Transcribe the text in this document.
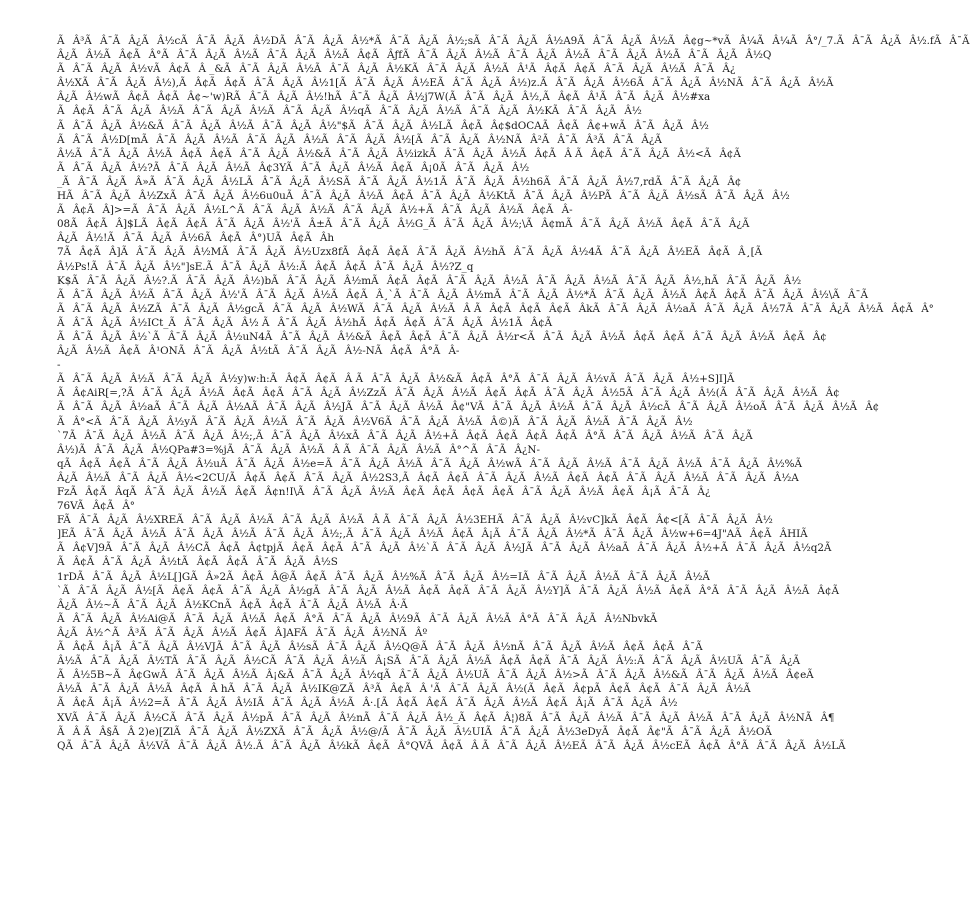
ÃÂ³ÃÂ¯ÃÂ¿ÃÂ½cÃÂ¯ÃÂ¿ÃÂ½DÃÂ¯ÃÂ¿ÃÂ½*ÃÂ¯ÃÂ¿ÃÂ½;sÃÂ¯ÃÂ¿ÃÂ½A9ÃÂ¯ÃÂ¿ÃÂ½ÃÂ¢g~*vÃÂ¼ÃÂ¼ÃÂ°/_7.ÃÂ¯ÃÂ¿ÃÂ½.fÃÂ¯Ã
Â¿ÃÂ½ÃÂ¢ÃÂ°ÃÂ¯ÃÂ¿ÃÂ½ÃÂ¯ÃÂ¿ÃÂ½ÃÂ¢ÃÂƒfÃÂ¯ÃÂ¿ÃÂ½ÃÂ¯ÃÂ¿ÃÂ½ÃÂ¯ÃÂ¿ÃÂ½ÃÂ¯ÃÂ¿ÃÂ½Q
ÃÂ¯ÃÂ¿ÃÂ½vÃÂ¢ÃÂ _&ÃÂ¯ÃÂ¿ÃÂ½ÃÂ¯ÃÂ¿ÃÂ½KÃÂ¯ÃÂ¿ÃÂ½ÃÂ¹ÃÂ¢ÃÂ¢ÃÂ¯ÃÂ¿ÃÂ½ÃÂ¯ÃÂ¿
Â½XÃÂ¯ÃÂ¿ÃÂ½),ÃÂ¢ÃÂ¢ÃÂ¯ÃÂ¿ÃÂ½1[ÃÂ¯ÃÂ¿ÃÂ½EÃÂ¯ÃÂ¿ÃÂ½)z.ÃÂ¯ÃÂ¿ÃÂ½6ÃÂ¯ÃÂ¿ÃÂ½NÃÂ¯ÃÂ¿ÃÂ½Ã
Â¿ÃÂ½wÃÂ¢ÃÂ¢ÃÂ¢~'w)RÃÂ¯ÃÂ¿ÃÂ½!hÃÂ¯ÃÂ¿ÃÂ½j7W(ÃÂ¯ÃÂ¿ÃÂ½,ÃÂ¢ÃÂ¹ÃÂ¯ÃÂ¿ÃÂ½#xa
ÃÂ¢ÃÂ¯ÃÂ¿ÃÂ½ÃÂ¯ÃÂ¿ÃÂ½ÃÂ¯ÃÂ¿ÃÂ½qÃÂ¯ÃÂ¿ÃÂ½ÃÂ¯ÃÂ¿ÃÂ½KÃÂ¯ÃÂ¿ÃÂ½
ÃÂ¯ÃÂ¿ÃÂ½&ÃÂ¯ÃÂ¿ÃÂ½ÃÂ¯ÃÂ¿ÃÂ½"$ÃÂ¯ÃÂ¿ÃÂ½LÃÂ¢ÃÂ¢$dOCAÃÂ¢ÃÂ¢+wÃÂ¯ÃÂ¿ÃÂ½
ÃÂ¯ÃÂ½D[mÃÂ¯ÃÂ¿ÃÂ½ÃÂ¯ÃÂ¿ÃÂ½ÃÂ¯ÃÂ¿ÃÂ½[ÃÂ¯ÃÂ¿ÃÂ½NÃÂ²ÃÂ¯ÃÂ³ÃÂ¯ÃÂ¿Ã
Â½ÃÂ¯ÃÂ¿ÃÂ½ÃÂ¢ÃÂ¢ÃÂ¯ÃÂ¿ÃÂ½&ÃÂ¯ÃÂ¿ÃÂ½izkÃÂ¯ÃÂ¿ÃÂ½ÃÂ¢ÃÂ ÃÂ¢ÃÂ¯ÃÂ¿ÃÂ½<ÃÂ¢Ã
ÃÂ¯ÃÂ¿ÃÂ½?ÃÂ¯ÃÂ¿ÃÂ½ÃÂ¢3YÃÂ¯ÃÂ¿ÃÂ½ÃÂ¢ÃÂ¡0ÃÂ¯ÃÂ¿ÃÂ½
_ÃÂ¯ÃÂ¿ÃÂ»ÃÂ¯ÃÂ¿ÃÂ½LÃÂ¯ÃÂ¿ÃÂ½SÃÂ¯ÃÂ¿ÃÂ½1ÃÂ¯ÃÂ¿ÃÂ½h6ÃÂ¯ÃÂ¿ÃÂ½7,rdÃÂ¯ÃÂ¿ÃÂ¢
HÃÂ¯ÃÂ¿ÃÂ½ZxÃÂ¯ÃÂ¿ÃÂ½6u0uÃÂ¯ÃÂ¿ÃÂ½ÃÂ¢ÃÂ¯ÃÂ¿ÃÂ½KtÃÂ¯ÃÂ¿ÃÂ½PÃÂ¯ÃÂ¿ÃÂ½sÃÂ¯ÃÂ¿ÃÂ½
ÃÂ¢ÃÂ]>=ÃÂ¯ÃÂ¿ÃÂ½L^ÃÂ¯ÃÂ¿ÃÂ½ÃÂ¯ÃÂ¿ÃÂ½+ÃÂ¯ÃÂ¿ÃÂ½ÃÂ¢ÃÂ-
08ÃÂ¢ÃÂ]$LÃÂ¢ÃÂ¢ÃÂ¯ÃÂ¿ÃÂ½'ÃÂ±ÃÂ¯ÃÂ¿ÃÂ½G_ÃÂ¯ÃÂ¿ÃÂ½;\ÃÂ¢mÃÂ¯ÃÂ¿ÃÂ½ÃÂ¢ÃÂ¯ÃÂ¿Ã
Â¿ÃÂ½!ÃÂ¯ÃÂ¿ÃÂ½6ÃÂ¢ÃÂ°)UÃÂ¢ÃÂh
7ÃÂ¢ÃÂ]ÃÂ¯ÃÂ¿ÃÂ½MÃÂ¯ÃÂ¿ÃÂ½Uzx8fÃÂ¢ÃÂ¢ÃÂ¯ÃÂ¿ÃÂ½hÃÂ¯ÃÂ¿ÃÂ½4ÃÂ¯ÃÂ¿ÃÂ½EÃÂ¢ÃÂ¸[Ã
Â½Ps!ÃÂ¯ÃÂ¿ÃÂ½"]sE.ÃÂ¯ÃÂ¿ÃÂ½:ÃÂ¢ÃÂ¢ÃÂ¯ÃÂ¿ÃÂ½?Z_q
K$ÃÂ¯ÃÂ¿ÃÂ½?.ÃÂ¯ÃÂ¿ÃÂ½)bÃÂ¯ÃÂ¿ÃÂ½mÃÂ¢ÃÂ¢ÃÂ¯ÃÂ¿ÃÂ½ÃÂ¯ÃÂ¿ÃÂ½ÃÂ¯ÃÂ¿ÃÂ½,hÃÂ¯ÃÂ¿ÃÂ½
ÃÂ¯ÃÂ¿ÃÂ½ÃÂ¯ÃÂ¿ÃÂ½'ÃÂ¯ÃÂ¿ÃÂ½ÃÂ¢ÃÂ¸`ÃÂ¯ÃÂ¿ÃÂ½mÃÂ¯ÃÂ¿ÃÂ½*ÃÂ¯ÃÂ¿ÃÂ½ÃÂ¢ÃÂ¢ÃÂ¯ÃÂ¿ÃÂ½\ÃÂ¯Ã
ÃÂ¯ÃÂ¿ÃÂ½ZÃÂ¯ÃÂ¿ÃÂ½gcÃÂ¯ÃÂ¿ÃÂ½WÃÂ¯ÃÂ¿ÃÂ½ÃÂ ÃÂ¢ÃÂ¢ÃÂ¢ÃÂkÃÂ¯ÃÂ¿ÃÂ½aÃÂ¯ÃÂ¿ÃÂ½7ÃÂ¯ÃÂ¿ÃÂ½ÃÂ¢ÃÂ°
ÃÂ¯ÃÂ¿ÃÂ½ICt_ÃÂ¯ÃÂ¿ÃÂ½ ÃÂ¯ÃÂ¿ÃÂ½hÃÂ¢ÃÂ¢ÃÂ¯ÃÂ¿ÃÂ½1ÃÂ¢Ã
ÃÂ¯ÃÂ¿ÃÂ½`ÃÂ¯ÃÂ¿ÃÂ½uN4ÃÂ¯ÃÂ¿ÃÂ½&ÃÂ¢ÃÂ¢ÃÂ¯ÃÂ¿ÃÂ½r<ÃÂ¯ÃÂ¿ÃÂ½ÃÂ¢ÃÂ¢ÃÂ¯ÃÂ¿ÃÂ½ÃÂ¢ÃÂ¢
Â¿ÃÂ½ÃÂ¢ÃÂ¹ONÃÂ¯ÃÂ¿ÃÂ½tÃÂ¯ÃÂ¿ÃÂ½-NÃÂ¢ÃÂ°ÃÂ-
-
ÃÂ¯ÃÂ¿ÃÂ½ÃÂ¯ÃÂ¿ÃÂ½y)w:h:ÃÂ¢ÃÂ¢ÃÂ ÃÂ¯ÃÂ¿ÃÂ½&ÃÂ¢ÃÂ°ÃÂ¯ÃÂ¿ÃÂ½vÃÂ¯ÃÂ¿ÃÂ½+S]I]Ã
ÃÂ¢AiR[=,?ÃÂ¯ÃÂ¿ÃÂ½ÃÂ¢ÃÂ¢ÃÂ¯ÃÂ¿ÃÂ½ZzÃÂ¯ÃÂ¿ÃÂ½ÃÂ¢ÃÂ¢ÃÂ¯ÃÂ¿ÃÂ½5ÃÂ¯ÃÂ¿ÃÂ½(ÃÂ¯ÃÂ¿ÃÂ½ÃÂ¢
ÃÂ¯ÃÂ¿ÃÂ½aÃÂ¯ÃÂ¿ÃÂ½AÃÂ¯ÃÂ¿ÃÂ½JÃÂ¯ÃÂ¿ÃÂ½ÃÂ¢"VÃÂ¯ÃÂ¿ÃÂ½ÃÂ¯ÃÂ¿ÃÂ½cÃÂ¯ÃÂ¿ÃÂ½oÃÂ¯ÃÂ¿ÃÂ½ÃÂ¢
ÃÂ°<ÃÂ¯ÃÂ¿ÃÂ½yÃÂ¯ÃÂ¿ÃÂ½ÃÂ¯ÃÂ¿ÃÂ½V6ÃÂ¯ÃÂ¿ÃÂ½ÃÂ©)ÃÂ¯ÃÂ¿ÃÂ½ÃÂ¯ÃÂ¿ÃÂ½
`7ÃÂ¯ÃÂ¿ÃÂ½ÃÂ¯ÃÂ¿ÃÂ½;,ÃÂ¯ÃÂ¿ÃÂ½xÃÂ¯ÃÂ¿ÃÂ½+ÃÂ¢ÃÂ¢ÃÂ¢ÃÂ¢ÃÂ°ÃÂ¯ÃÂ¿ÃÂ½ÃÂ¯ÃÂ¿Ã
Â½)ÃÂ¯ÃÂ¿ÃÂ½QPa#3=%jÃÂ¯ÃÂ¿ÃÂ½ÃÂ ÃÂ¯ÃÂ¿ÃÂ½ÃÂ°^ÃÂ¯ÃÂ¿N-
qÃÂ¢ÃÂ¢ÃÂ¯ÃÂ¿ÃÂ½uÃÂ¯ÃÂ¿ÃÂ½e=ÃÂ¯ÃÂ¿ÃÂ½ÃÂ¯ÃÂ¿ÃÂ½wÃÂ¯ÃÂ¿ÃÂ½ÃÂ¯ÃÂ¿ÃÂ½ÃÂ¯ÃÂ¿ÃÂ½%Ã
Â¿ÃÂ½ÃÂ¯ÃÂ¿ÃÂ½<2CU/ÃÂ¢ÃÂ¢ÃÂ¯ÃÂ¿ÃÂ½2S3,ÃÂ¢ÃÂ¢ÃÂ¯ÃÂ¿ÃÂ½ÃÂ¢ÃÂ¢ÃÂ¯ÃÂ¿ÃÂ½ÃÂ¯ÃÂ¿ÃÂ½A
FzÃÂ¢ÃÂqÃÂ¯ÃÂ¿ÃÂ½ÃÂ¢ÃÂ¢n!I\ÃÂ¯ÃÂ¿ÃÂ½ÃÂ¢ÃÂ¢ÃÂ¢ÃÂ¢ÃÂ¯ÃÂ¿ÃÂ½ÃÂ¢ÃÂ¡ÃÂ¯ÃÂ¿
76VÃÂ¢ÃÂ°
FÃÂ¯ÃÂ¿ÃÂ½XREÃÂ¯ÃÂ¿ÃÂ½ÃÂ¯ÃÂ¿ÃÂ½ÃÂ ÃÂ¯ÃÂ¿ÃÂ½3EHÃÂ¯ÃÂ¿ÃÂ½vC]kÃÂ¢ÃÂ¢<[ÃÂ¯ÃÂ¿ÃÂ½
]EÃÂ¯ÃÂ¿ÃÂ½ÃÂ¯ÃÂ¿ÃÂ½ÃÂ¯ÃÂ¿ÃÂ½;,ÃÂ¯ÃÂ¿ÃÂ½ÃÂ¢ÃÂ¡ÃÂ¯ÃÂ¿ÃÂ½*ÃÂ¯ÃÂ¿ÃÂ½w+6=4J"AÃÂ¢ÃÂHIÃ
ÃÂ¢V]9ÃÂ¯ÃÂ¿ÃÂ½CÃÂ¢ÃÂ¢tpjÃÂ¢ÃÂ¢ÃÂ¯ÃÂ¿ÃÂ½`ÃÂ¯ÃÂ¿ÃÂ½JÃÂ¯ÃÂ¿ÃÂ½aÃÂ¯ÃÂ¿ÃÂ½+ÃÂ¯ÃÂ¿ÃÂ½q2Ã
ÃÂ¢ÃÂ¯ÃÂ¿ÃÂ½tÃÂ¢ÃÂ¢ÃÂ¯ÃÂ¿ÃÂ½S
1rDÃÂ¯ÃÂ¿ÃÂ½L[]GÃÂ»2ÃÂ¢ÃÂ@ÃÂ¢ÃÂ¯ÃÂ¿ÃÂ½%ÃÂ¯ÃÂ¿ÃÂ½=IÃÂ¯ÃÂ¿ÃÂ½ÃÂ¯ÃÂ¿ÃÂ½Ã
`ÃÂ¯ÃÂ¿ÃÂ½[ÃÂ¢ÃÂ¢ÃÂ¯ÃÂ¿ÃÂ½gÃÂ¯ÃÂ¿ÃÂ½ÃÂ¢ÃÂ¢ÃÂ¯ÃÂ¿ÃÂ½Y]ÃÂ¯ÃÂ¿ÃÂ½ÃÂ¢ÃÂ°ÃÂ¯ÃÂ¿ÃÂ½ÃÂ¢Ã
Â¿ÃÂ½~ÃÂ¯ÃÂ¿ÃÂ½KCnÃÂ¢ÃÂ¢ÃÂ¯ÃÂ¿ÃÂ½ÃÂ·Ã
ÃÂ¯ÃÂ¿ÃÂ½Ai@ÃÂ¯ÃÂ¿ÃÂ½ÃÂ¢ÃÂ°ÃÂ¯ÃÂ¿ÃÂ½9ÃÂ¯ÃÂ¿ÃÂ½ÃÂ°ÃÂ¯ÃÂ¿ÃÂ½NbvkÃ
Â¿ÃÂ½^ÃÂ³ÃÂ¯ÃÂ¿ÃÂ½ÃÂ¢ÃÂ]AFÃÂ¯ÃÂ¿ÃÂ½NÃÂº
ÃÂ¢ÃÂ¡ÃÂ¯ÃÂ¿ÃÂ½VJÃÂ¯ÃÂ¿ÃÂ½sÃÂ¯ÃÂ¿ÃÂ½Q@ÃÂ¯ÃÂ¿ÃÂ½nÃÂ¯ÃÂ¿ÃÂ½ÃÂ¢ÃÂ¢ÃÂ¯Ã
Â½ÃÂ¯ÃÂ¿ÃÂ½TÃÂ¯ÃÂ¿ÃÂ½CÃÂ¯ÃÂ¿ÃÂ½ÃÂ¡SÃÂ¯ÃÂ¿ÃÂ½ÃÂ¢ÃÂ¢ÃÂ¯ÃÂ¿ÃÂ½:ÃÂ¯ÃÂ¿ÃÂ½UÃÂ¯ÃÂ¿Ã
ÃÂ½5B~ÃÂ¢GwÃÂ¯ÃÂ¿ÃÂ½ÃÂ¡&ÃÂ¯ÃÂ¿ÃÂ½qÃÂ¯ÃÂ¿ÃÂ½UÃÂ¯ÃÂ¿ÃÂ½>ÃÂ¯ÃÂ¿ÃÂ½&ÃÂ¯ÃÂ¿ÃÂ½ÃÂ¢eÃ
Â½ÃÂ¯ÃÂ¿ÃÂ½ÃÂ¢ÃÂ hÃÂ¯ÃÂ¿ÃÂ½IK@ZÃÂ³ÃÂ¢ÃÂ 'ÃÂ¯ÃÂ¿ÃÂ½(ÃÂ¢ÃÂ¢pÃÂ¢ÃÂ¢ÃÂ¯ÃÂ¿ÃÂ½Ã
ÃÂ¢ÃÂ¡ÃÂ½2=ÃÂ¯ÃÂ¿ÃÂ½IÃÂ¯ÃÂ¿ÃÂ½ÃÂ·.[ÃÂ¢ÃÂ¢ÃÂ¯ÃÂ¿ÃÂ½ÃÂ¢ÃÂ¡ÃÂ¯ÃÂ¿ÃÂ½
XVÃÂ¯ÃÂ¿ÃÂ½CÃÂ¯ÃÂ¿ÃÂ½pÃÂ¯ÃÂ¿ÃÂ½nÃÂ¯ÃÂ¿ÃÂ½_ÃÂ¢ÃÂ¦)8ÃÂ¯ÃÂ¿ÃÂ½ÃÂ¯ÃÂ¿ÃÂ½ÃÂ¯ÃÂ¿ÃÂ½NÃÂ¶
ÃÂ ÃÂ§ÃÂ 2)e)[ZlÃÂ¯ÃÂ¿ÃÂ½ZXÃÂ¯ÃÂ¿ÃÂ½@/ÃÂ¯ÃÂ¿ÃÂ½UIÃÂ¯ÃÂ¿ÃÂ½3eDyÃÂ¢ÃÂ¢"ÃÂ¯ÃÂ¿ÃÂ½OÃ
QÃÂ¯ÃÂ¿ÃÂ½VÃÂ¯ÃÂ¿ÃÂ½.ÃÂ¯ÃÂ¿ÃÂ½kÃÂ¢ÃÂ°QVÃÂ¢ÃÂ ÃÂ¯ÃÂ¿ÃÂ½EÃÂ¯ÃÂ¿ÃÂ½cEÃÂ¢ÃÂ°ÃÂ¯ÃÂ¿ÃÂ½LÃ
